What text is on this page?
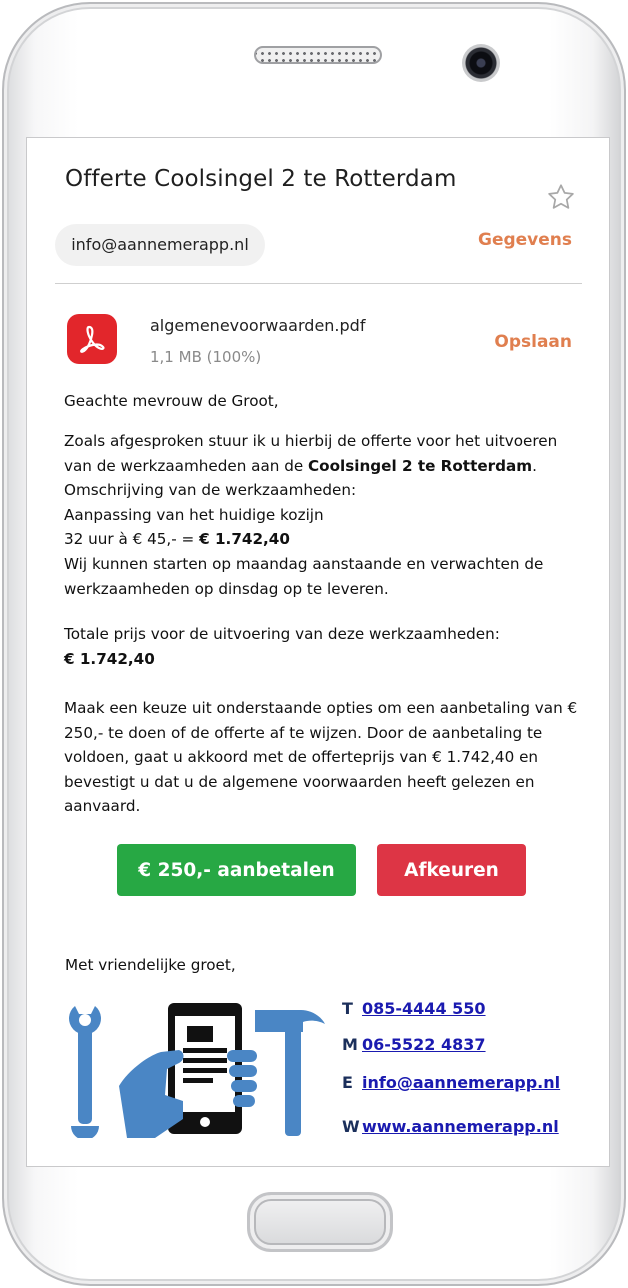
Offerte Coolsingel 2 te Rotterdam
info@aannemerapp.nl	Gegevens
algemenevoorwaarden.pdf
1,1 MB (100%)
Opslaan

Geachte mevrouw de Groot,

Zoals afgesproken stuur ik u hierbij de offerte voor het uitvoeren van de werkzaamheden aan de Coolsingel 2 te Rotterdam.
Omschrijving van de werkzaamheden:
Aanpassing van het huidige kozijn
32 uur à € 45,- = € 1.742,40
Wij kunnen starten op maandag aanstaande en verwachten de werkzaamheden op dinsdag op te leveren.

Totale prijs voor de uitvoering van deze werkzaamheden:
€ 1.742,40

Maak een keuze uit onderstaande opties om een aanbetaling van € 250,- te doen of de offerte af te wijzen. Door de aanbetaling te voldoen, gaat u akkoord met de offerteprijs van € 1.742,40 en bevestigt u dat u de algemene voorwaarden heeft gelezen en aanvaard.

€ 250,- aanbetalen	Afkeuren
Met vriendelijke groet,
T 085-4444 550
M 06-5522 4837
E info@aannemerapp.nl
W www.aannemerapp.nl
